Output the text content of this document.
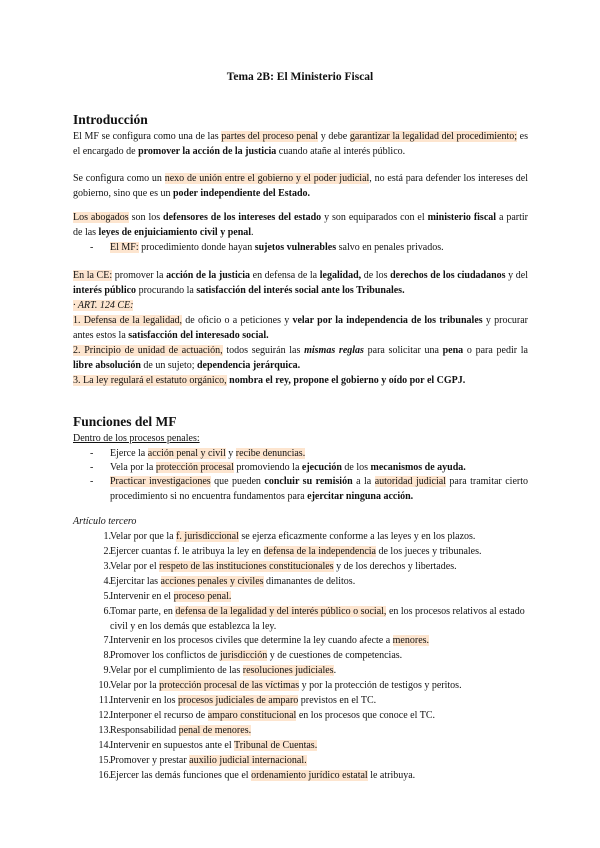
Tema 2B: El Ministerio Fiscal
Introducción
El MF se configura como una de las partes del proceso penal y debe garantizar la legalidad del procedimiento; es el encargado de promover la acción de la justicia cuando atañe al interés público.
Se configura como un nexo de unión entre el gobierno y el poder judicial, no está para defender los intereses del gobierno, sino que es un poder independiente del Estado.
Los abogados son los defensores de los intereses del estado y son equiparados con el ministerio fiscal a partir de las leyes de enjuiciamiento civil y penal.
- El MF: procedimiento donde hayan sujetos vulnerables salvo en penales privados.
En la CE: promover la acción de la justicia en defensa de la legalidad, de los derechos de los ciudadanos y del interés público procurando la satisfacción del interés social ante los Tribunales.
· ART. 124 CE:
1. Defensa de la legalidad, de oficio o a peticiones y velar por la independencia de los tribunales y procurar antes estos la satisfacción del interesado social.
2. Principio de unidad de actuación, todos seguirán las mismas reglas para solicitar una pena o para pedir la libre absolución de un sujeto; dependencia jerárquica.
3. La ley regulará el estatuto orgánico, nombra el rey, propone el gobierno y oído por el CGPJ.
Funciones del MF
Dentro de los procesos penales:
- Ejerce la acción penal y civil y recibe denuncias.
- Vela por la protección procesal promoviendo la ejecución de los mecanismos de ayuda.
- Practicar investigaciones que pueden concluir su remisión a la autoridad judicial para tramitar cierto procedimiento si no encuentra fundamentos para ejercitar ninguna acción.
Artículo tercero
1. Velar por que la f. jurisdiccional se ejerza eficazmente conforme a las leyes y en los plazos.
2. Ejercer cuantas f. le atribuya la ley en defensa de la independencia de los jueces y tribunales.
3. Velar por el respeto de las instituciones constitucionales y de los derechos y libertades.
4. Ejercitar las acciones penales y civiles dimanantes de delitos.
5. Intervenir en el proceso penal.
6. Tomar parte, en defensa de la legalidad y del interés público o social, en los procesos relativos al estado civil y en los demás que establezca la ley.
7. Intervenir en los procesos civiles que determine la ley cuando afecte a menores.
8. Promover los conflictos de jurisdicción y de cuestiones de competencias.
9. Velar por el cumplimiento de las resoluciones judiciales.
10. Velar por la protección procesal de las víctimas y por la protección de testigos y peritos.
11. Intervenir en los procesos judiciales de amparo previstos en el TC.
12. Interponer el recurso de amparo constitucional en los procesos que conoce el TC.
13. Responsabilidad penal de menores.
14. Intervenir en supuestos ante el Tribunal de Cuentas.
15. Promover y prestar auxilio judicial internacional.
16. Ejercer las demás funciones que el ordenamiento jurídico estatal le atribuya.
